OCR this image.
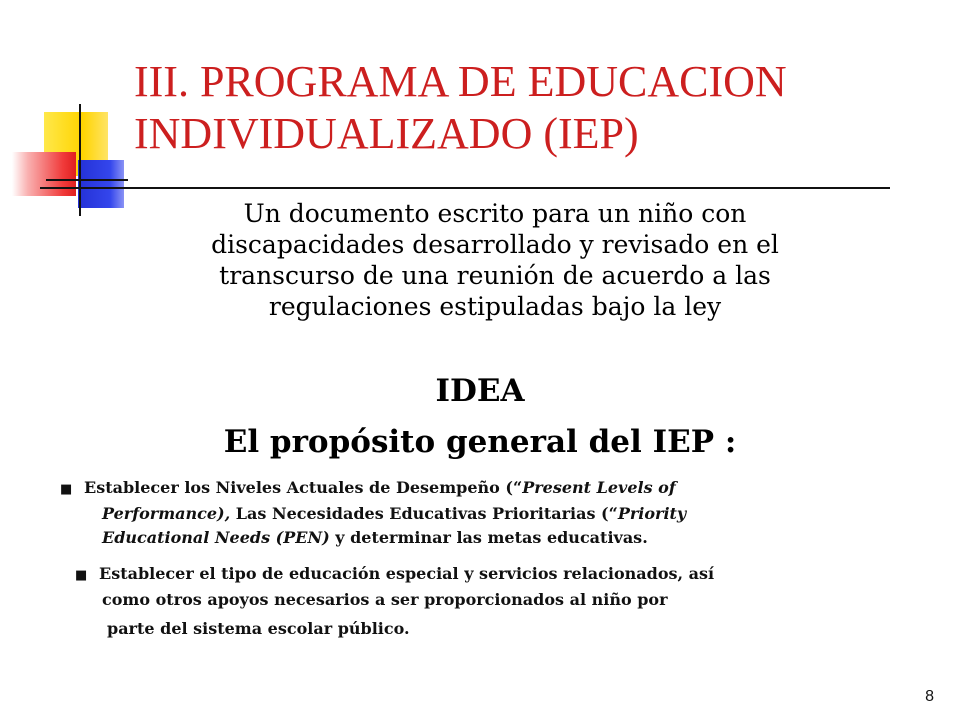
III. PROGRAMA DE EDUCACION
INDIVIDUALIZADO (IEP)
Un documento escrito para un niño con
discapacidades desarrollado y revisado en el
transcurso de una reunión de acuerdo a las
regulaciones estipuladas bajo la ley
IDEA
El propósito general del IEP :
■ Establecer los Niveles Actuales de Desempeño (“Present Levels of
Performance), Las Necesidades Educativas Prioritarias (“Priority
Educational Needs (PEN) y determinar las metas educativas.
■ Establecer el tipo de educación especial y servicios relacionados, así
como otros apoyos necesarios a ser proporcionados al niño por
parte del sistema escolar público.
8
